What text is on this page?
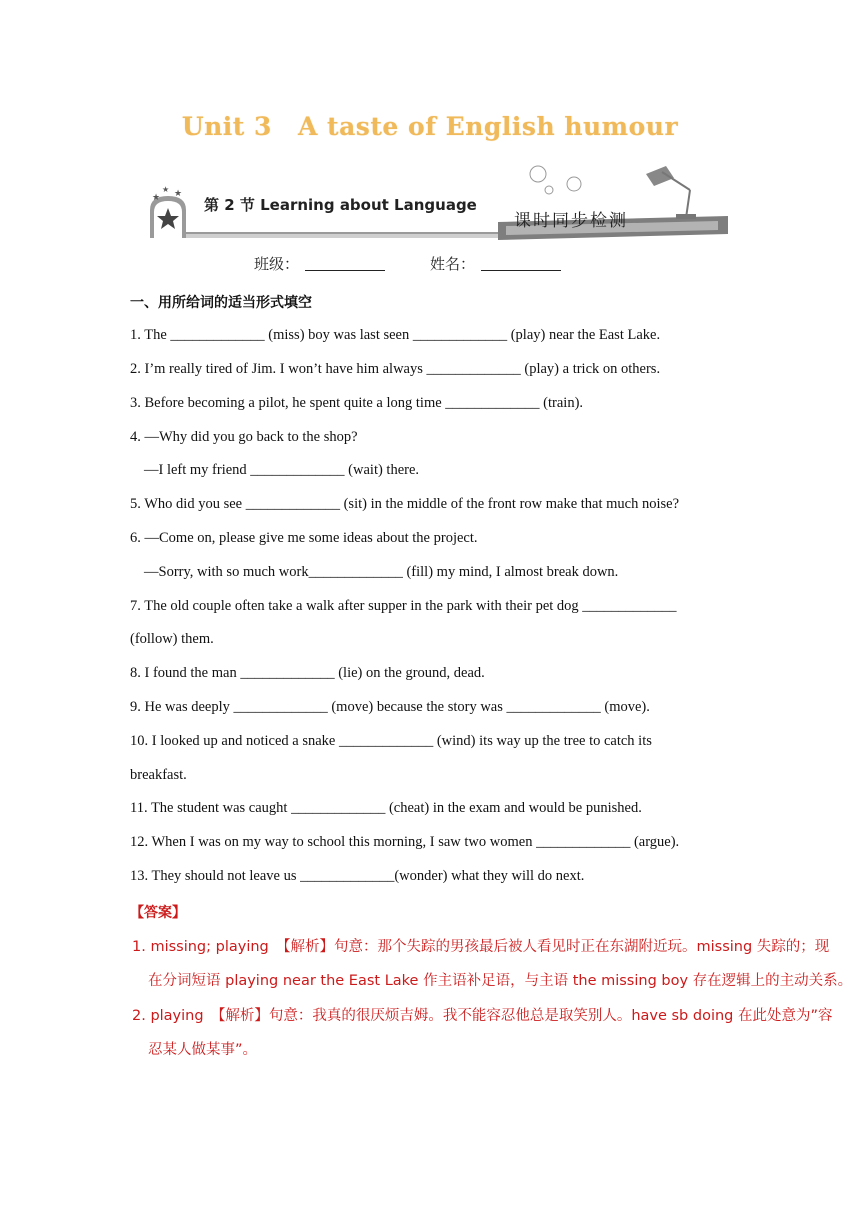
Unit 3 A taste of English humour
★
★ ★
第 2 节 Learning about Language
课时同步检测
班级：	姓名：
一、用所给词的适当形式填空
1. The _____________ (miss) boy was last seen _____________ (play) near the East Lake.
2. I’m really tired of Jim. I won’t have him always _____________ (play) a trick on others.
3. Before becoming a pilot, he spent quite a long time _____________ (train).
4. —Why did you go back to the shop?
—I left my friend _____________ (wait) there.
5. Who did you see _____________ (sit) in the middle of the front row make that much noise?
6. —Come on, please give me some ideas about the project.
—Sorry, with so much work_____________ (fill) my mind, I almost break down.
7. The old couple often take a walk after supper in the park with their pet dog _____________
(follow) them.
8. I found the man _____________ (lie) on the ground, dead.
9. He was deeply _____________ (move) because the story was _____________ (move).
10. I looked up and noticed a snake _____________ (wind) its way up the tree to catch its
breakfast.
11. The student was caught _____________ (cheat) in the exam and would be punished.
12. When I was on my way to school this morning, I saw two women _____________ (argue).
13. They should not leave us _____________(wonder) what they will do next.
【答案】
1. missing; playing　【解析】句意：那个失踪的男孩最后被人看见时正在东湖附近玩。missing 失踪的；现
在分词短语 playing near the East Lake 作主语补足语，与主语 the missing boy 存在逻辑上的主动关系。
2. playing　【解析】句意：我真的很厌烦吉姆。我不能容忍他总是取笑别人。have sb doing 在此处意为”容
忍某人做某事”。
